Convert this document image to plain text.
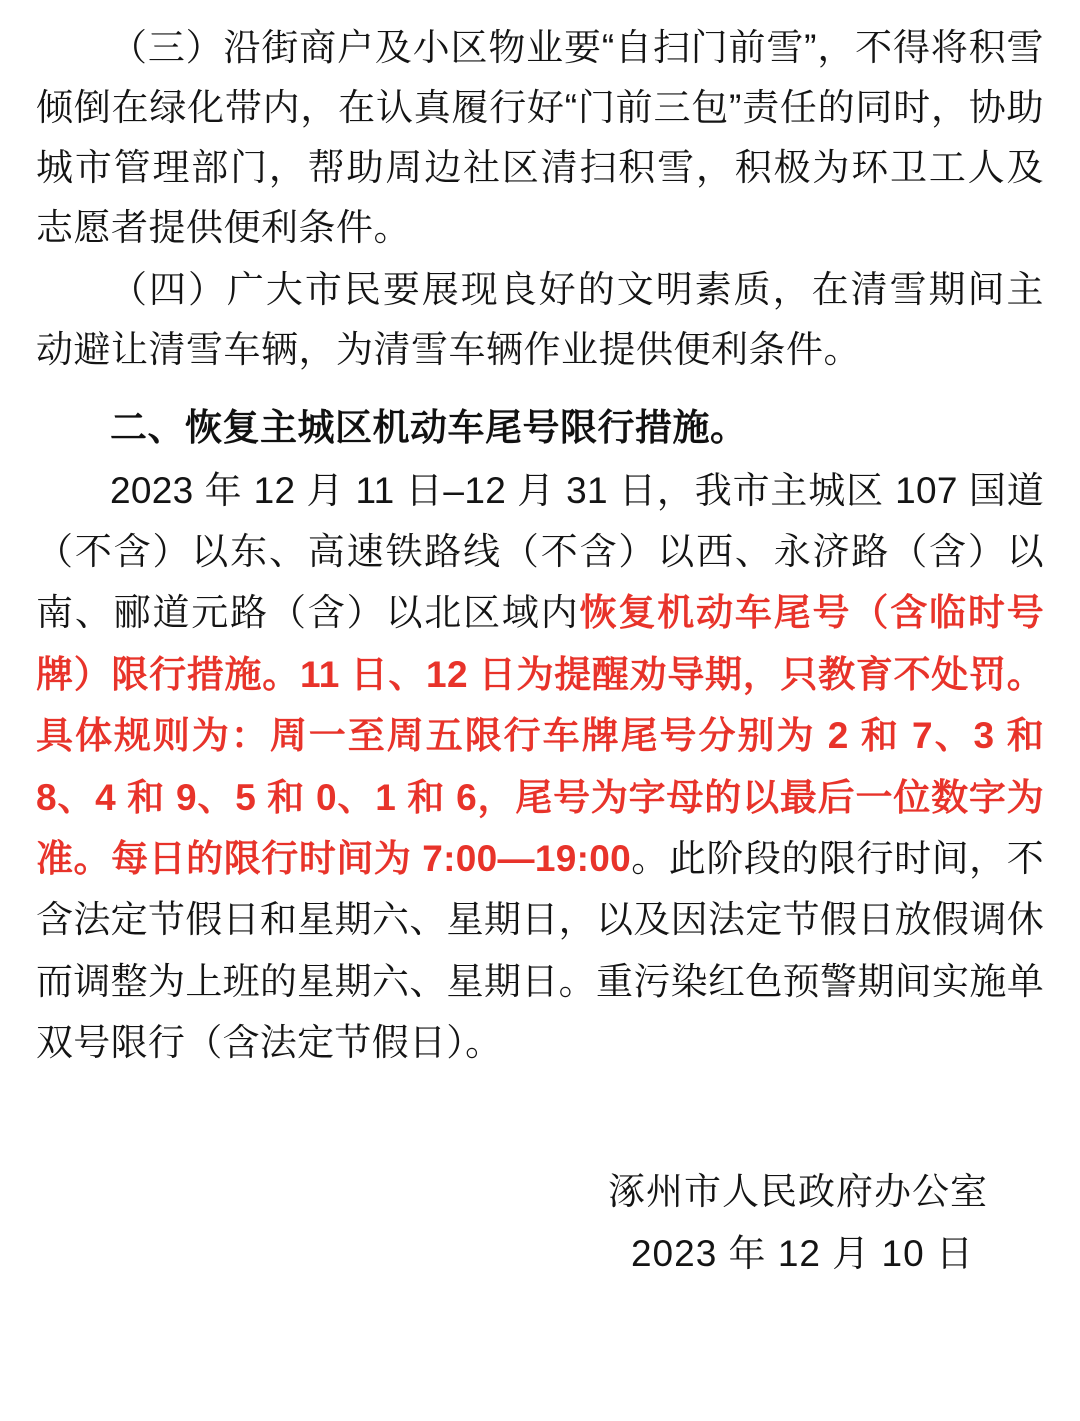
（三）沿街商户及小区物业要“自扫门前雪”，不得将积雪倾倒在绿化带内，在认真履行好“门前三包”责任的同时，协助城市管理部门，帮助周边社区清扫积雪，积极为环卫工人及志愿者提供便利条件。

（四）广大市民要展现良好的文明素质，在清雪期间主动避让清雪车辆，为清雪车辆作业提供便利条件。

二、恢复主城区机动车尾号限行措施。

2023 年 12 月 11 日–12 月 31 日，我市主城区 107 国道（不含）以东、高速铁路线（不含）以西、永济路（含）以南、郦道元路（含）以北区域内恢复机动车尾号（含临时号牌）限行措施。11 日、12 日为提醒劝导期，只教育不处罚。具体规则为：周一至周五限行车牌尾号分别为 2 和 7、3 和 8、4 和 9、5 和 0、1 和 6，尾号为字母的以最后一位数字为准。每日的限行时间为 7:00—19:00。此阶段的限行时间，不含法定节假日和星期六、星期日，以及因法定节假日放假调休而调整为上班的星期六、星期日。重污染红色预警期间实施单双号限行（含法定节假日）。

涿州市人民政府办公室
2023 年 12 月 10 日
